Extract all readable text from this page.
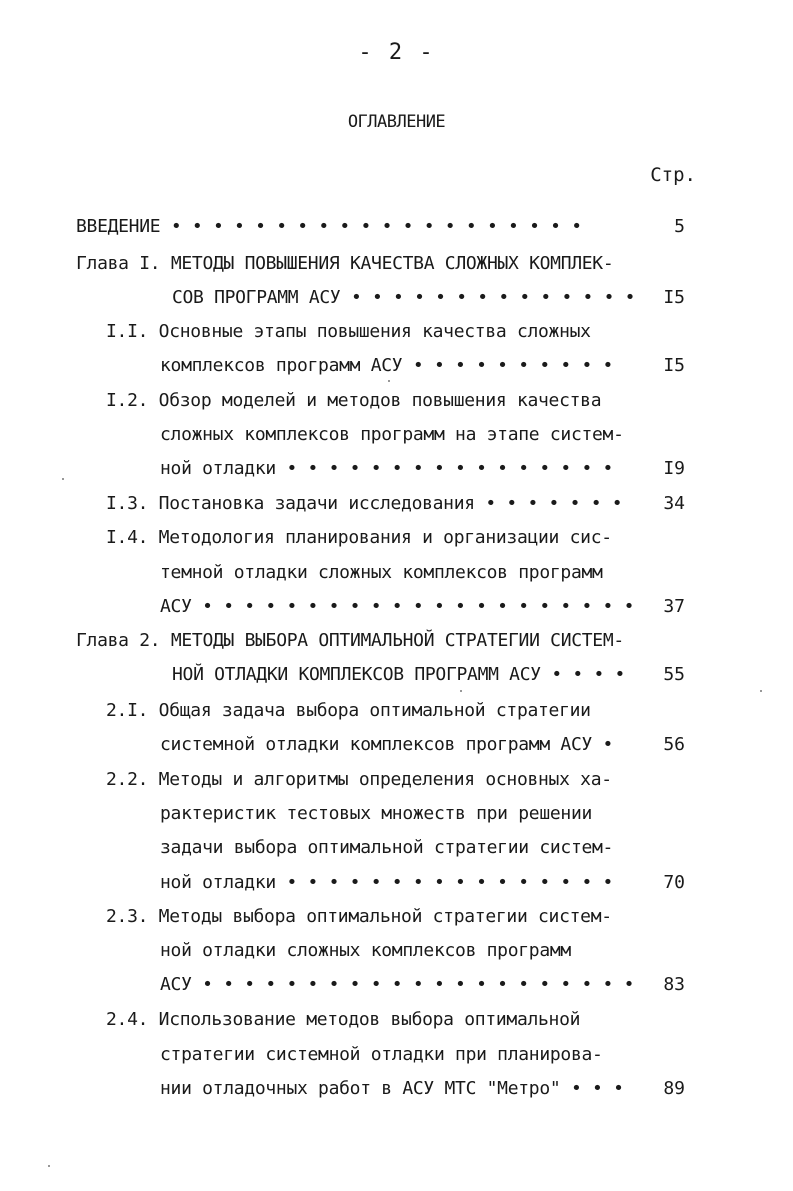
- 2 -
ОГЛАВЛЕНИЕ
Стр.
ВВЕДЕНИЕ • • • • • • • • • • • • • • • • • • • •	5
Глава I. МЕТОДЫ ПОВЫШЕНИЯ КАЧЕСТВА СЛОЖНЫХ КОМПЛЕК-
СОВ ПРОГРАММ АСУ • • • • • • • • • • • • • • I5
I.I. Основные этапы повышения качества сложных
комплексов программ АСУ • • • • • • • • • •	I5
I.2. Обзор моделей и методов повышения качества
сложных комплексов программ на этапе систем-
ной отладки • • • • • • • • • • • • • • • •	I9
I.3. Постановка задачи исследования • • • • • • • 34
I.4. Методология планирования и организации сис-
темной отладки сложных комплексов программ
АСУ • • • • • • • • • • • • • • • • • • • • • 37
Глава 2. МЕТОДЫ ВЫБОРА ОПТИМАЛЬНОЙ СТРАТЕГИИ СИСТЕМ-
НОЙ ОТЛАДКИ КОМПЛЕКСОВ ПРОГРАММ АСУ • • • • 55
2.I. Общая задача выбора оптимальной стратегии
системной отладки комплексов программ АСУ •	56
2.2. Методы и алгоритмы определения основных ха-
рактеристик тестовых множеств при решении
задачи выбора оптимальной стратегии систем-
ной отладки • • • • • • • • • • • • • • • •	70
2.3. Методы выбора оптимальной стратегии систем-
ной отладки сложных комплексов программ
АСУ • • • • • • • • • • • • • • • • • • • • • 83
2.4. Использование методов выбора оптимальной
стратегии системной отладки при планирова-
нии отладочных работ в АСУ МТС "Метро" • • • 89
